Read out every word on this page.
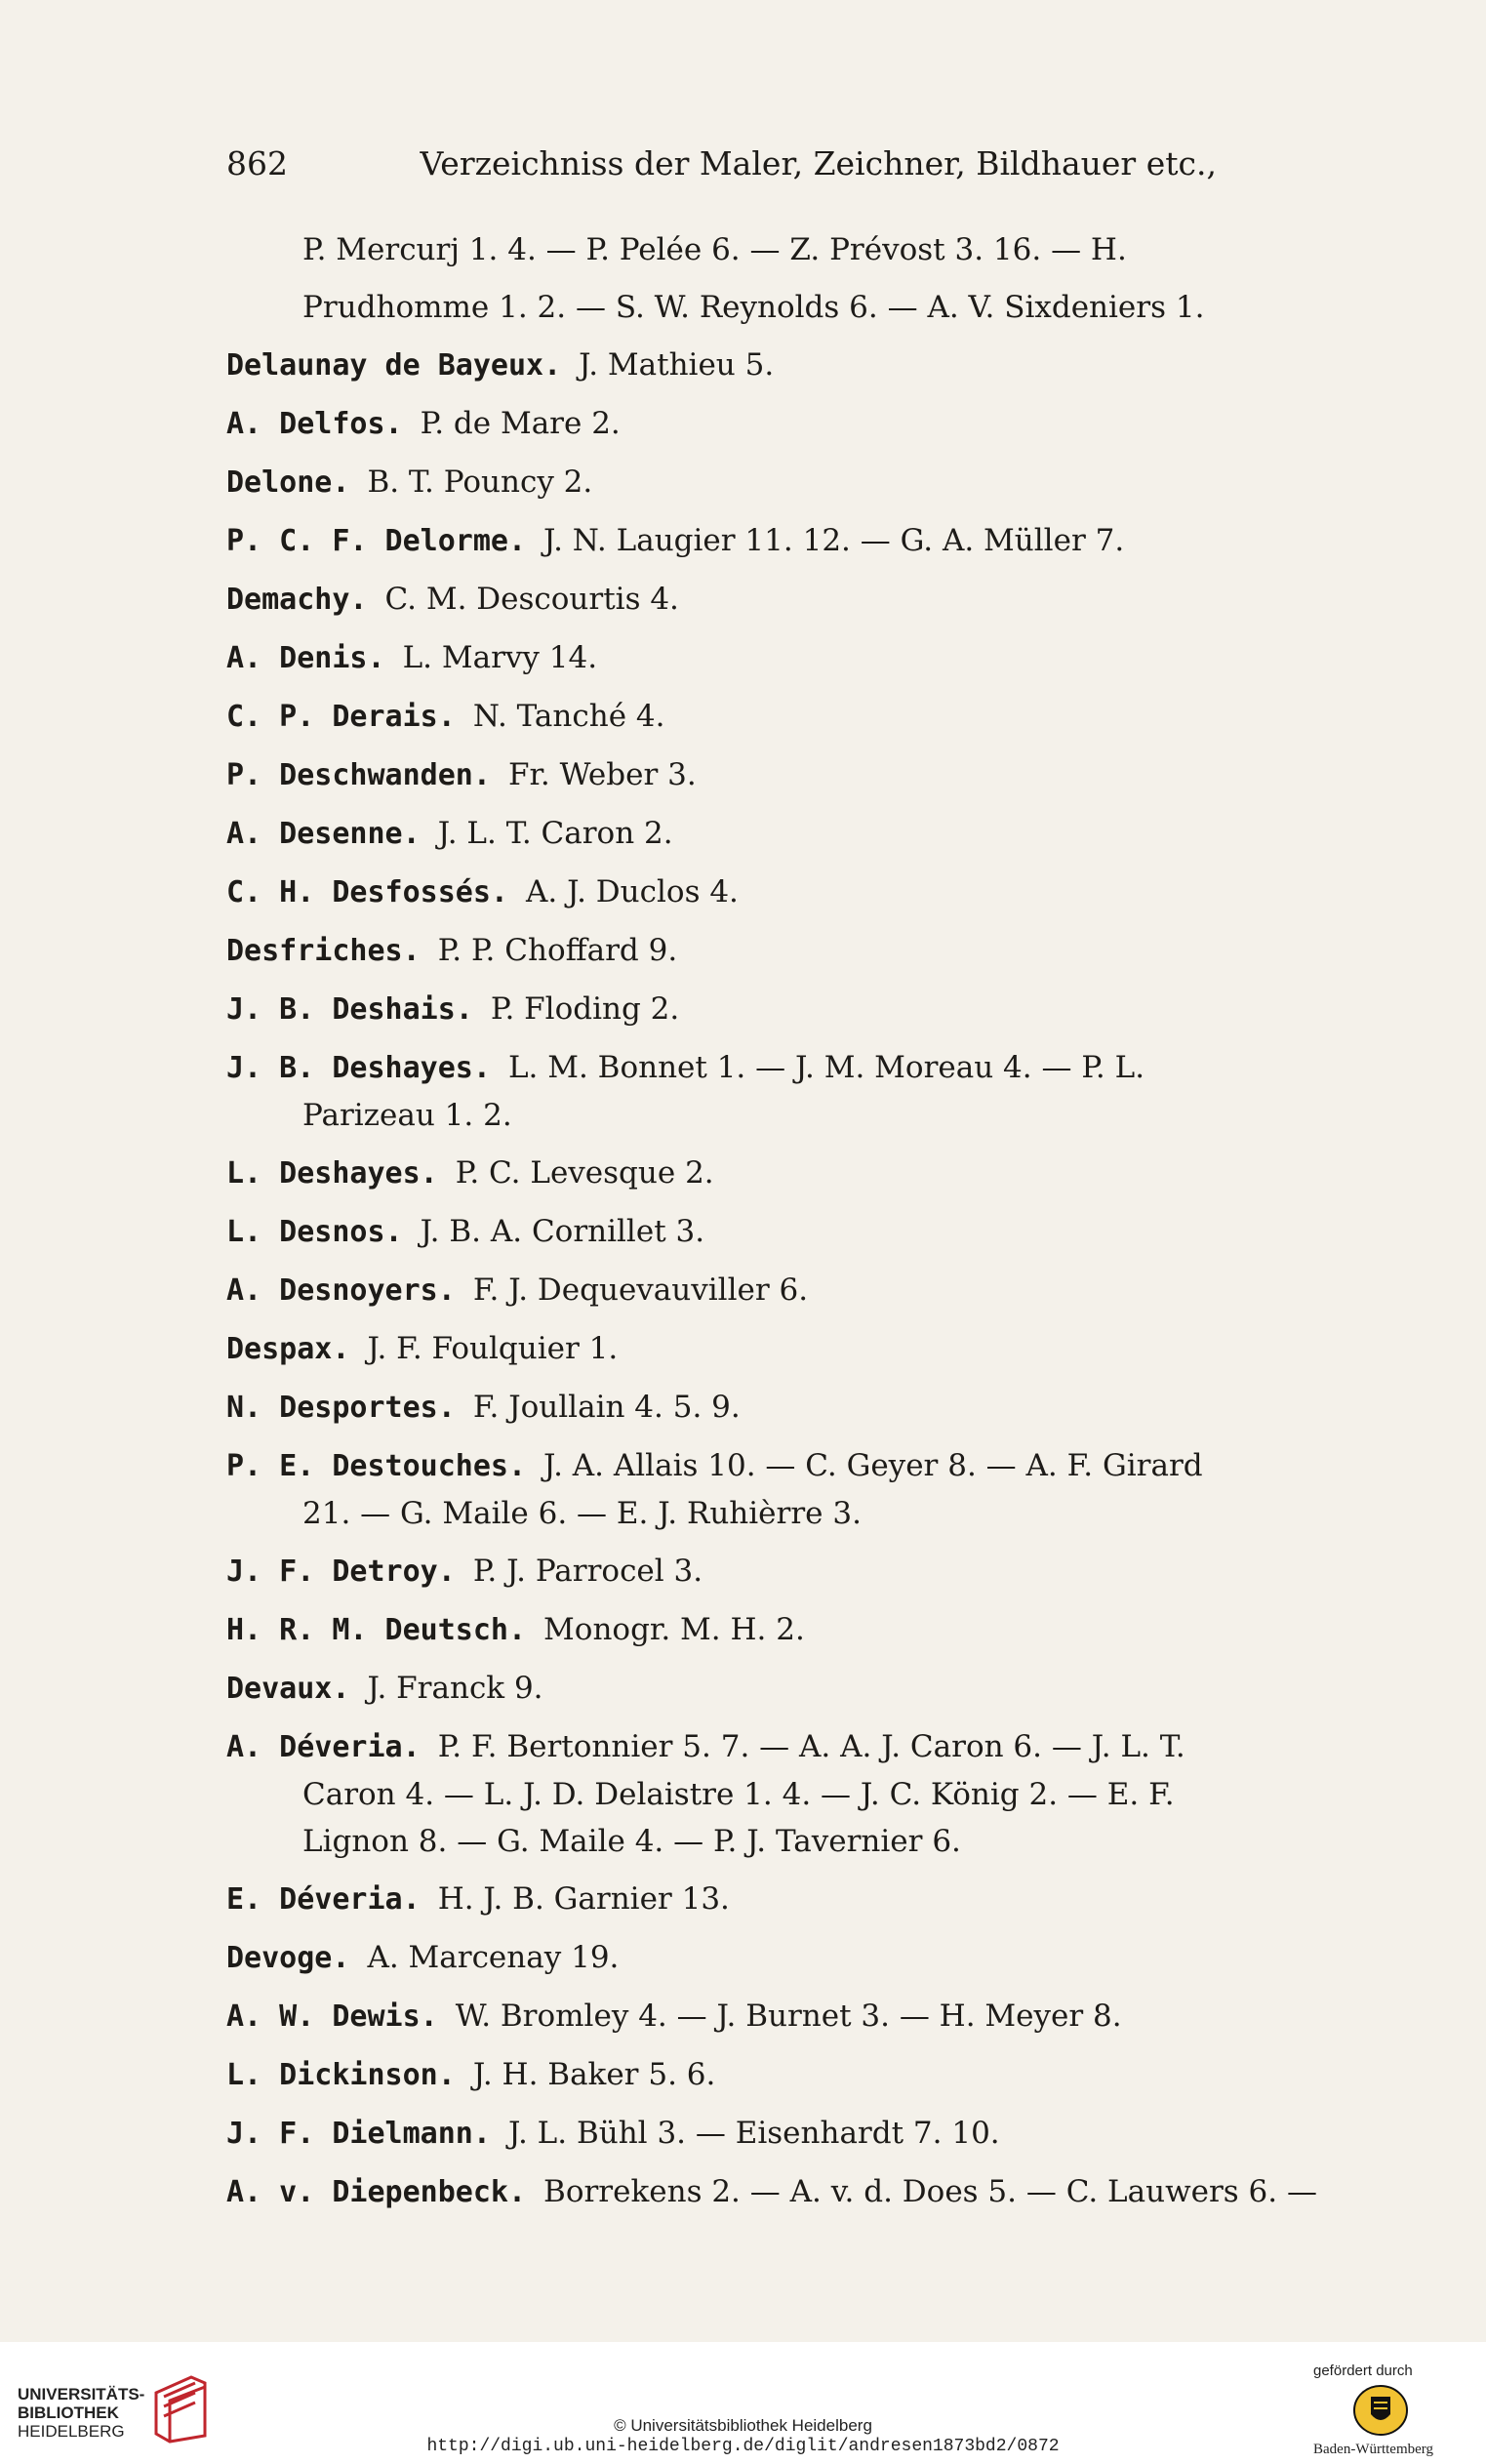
862	Verzeichniss der Maler, Zeichner, Bildhauer etc.,
P. Mercurj 1. 4. — P. Pelée 6. — Z. Prévost 3. 16. — H.
Prudhomme 1. 2. — S. W. Reynolds 6. — A. V. Sixdeniers 1.
Delaunay de Bayeux. J. Mathieu 5.
A. Delfos. P. de Mare 2.
Delone. B. T. Pouncy 2.
P. C. F. Delorme. J. N. Laugier 11. 12. — G. A. Müller 7.
Demachy. C. M. Descourtis 4.
A. Denis. L. Marvy 14.
C. P. Derais. N. Tanché 4.
P. Deschwanden. Fr. Weber 3.
A. Desenne. J. L. T. Caron 2.
C. H. Desfossés. A. J. Duclos 4.
Desfriches. P. P. Choffard 9.
J. B. Deshais. P. Floding 2.
J. B. Deshayes. L. M. Bonnet 1. — J. M. Moreau 4. — P. L.
Parizeau 1. 2.
L. Deshayes. P. C. Levesque 2.
L. Desnos. J. B. A. Cornillet 3.
A. Desnoyers. F. J. Dequevauviller 6.
Despax. J. F. Foulquier 1.
N. Desportes. F. Joullain 4. 5. 9.
P. E. Destouches. J. A. Allais 10. — C. Geyer 8. — A. F. Girard
21. — G. Maile 6. — E. J. Ruhièrre 3.
J. F. Detroy. P. J. Parrocel 3.
H. R. M. Deutsch. Monogr. M. H. 2.
Devaux. J. Franck 9.
A. Déveria. P. F. Bertonnier 5. 7. — A. A. J. Caron 6. — J. L. T.
Caron 4. — L. J. D. Delaistre 1. 4. — J. C. König 2. — E. F.
Lignon 8. — G. Maile 4. — P. J. Tavernier 6.
E. Déveria. H. J. B. Garnier 13.
Devoge. A. Marcenay 19.
A. W. Dewis. W. Bromley 4. — J. Burnet 3. — H. Meyer 8.
L. Dickinson. J. H. Baker 5. 6.
J. F. Dielmann. J. L. Bühl 3. — Eisenhardt 7. 10.
A. v. Diepenbeck. Borrekens 2. — A. v. d. Does 5. — C. Lauwers 6. —
UNIVERSITÄTS-
BIBLIOTHEK
HEIDELBERG	© Universitätsbibliothek Heidelberg
http://digi.ub.uni-heidelberg.de/diglit/andresen1873bd2/0872
gefördert durch
Baden-Württemberg
